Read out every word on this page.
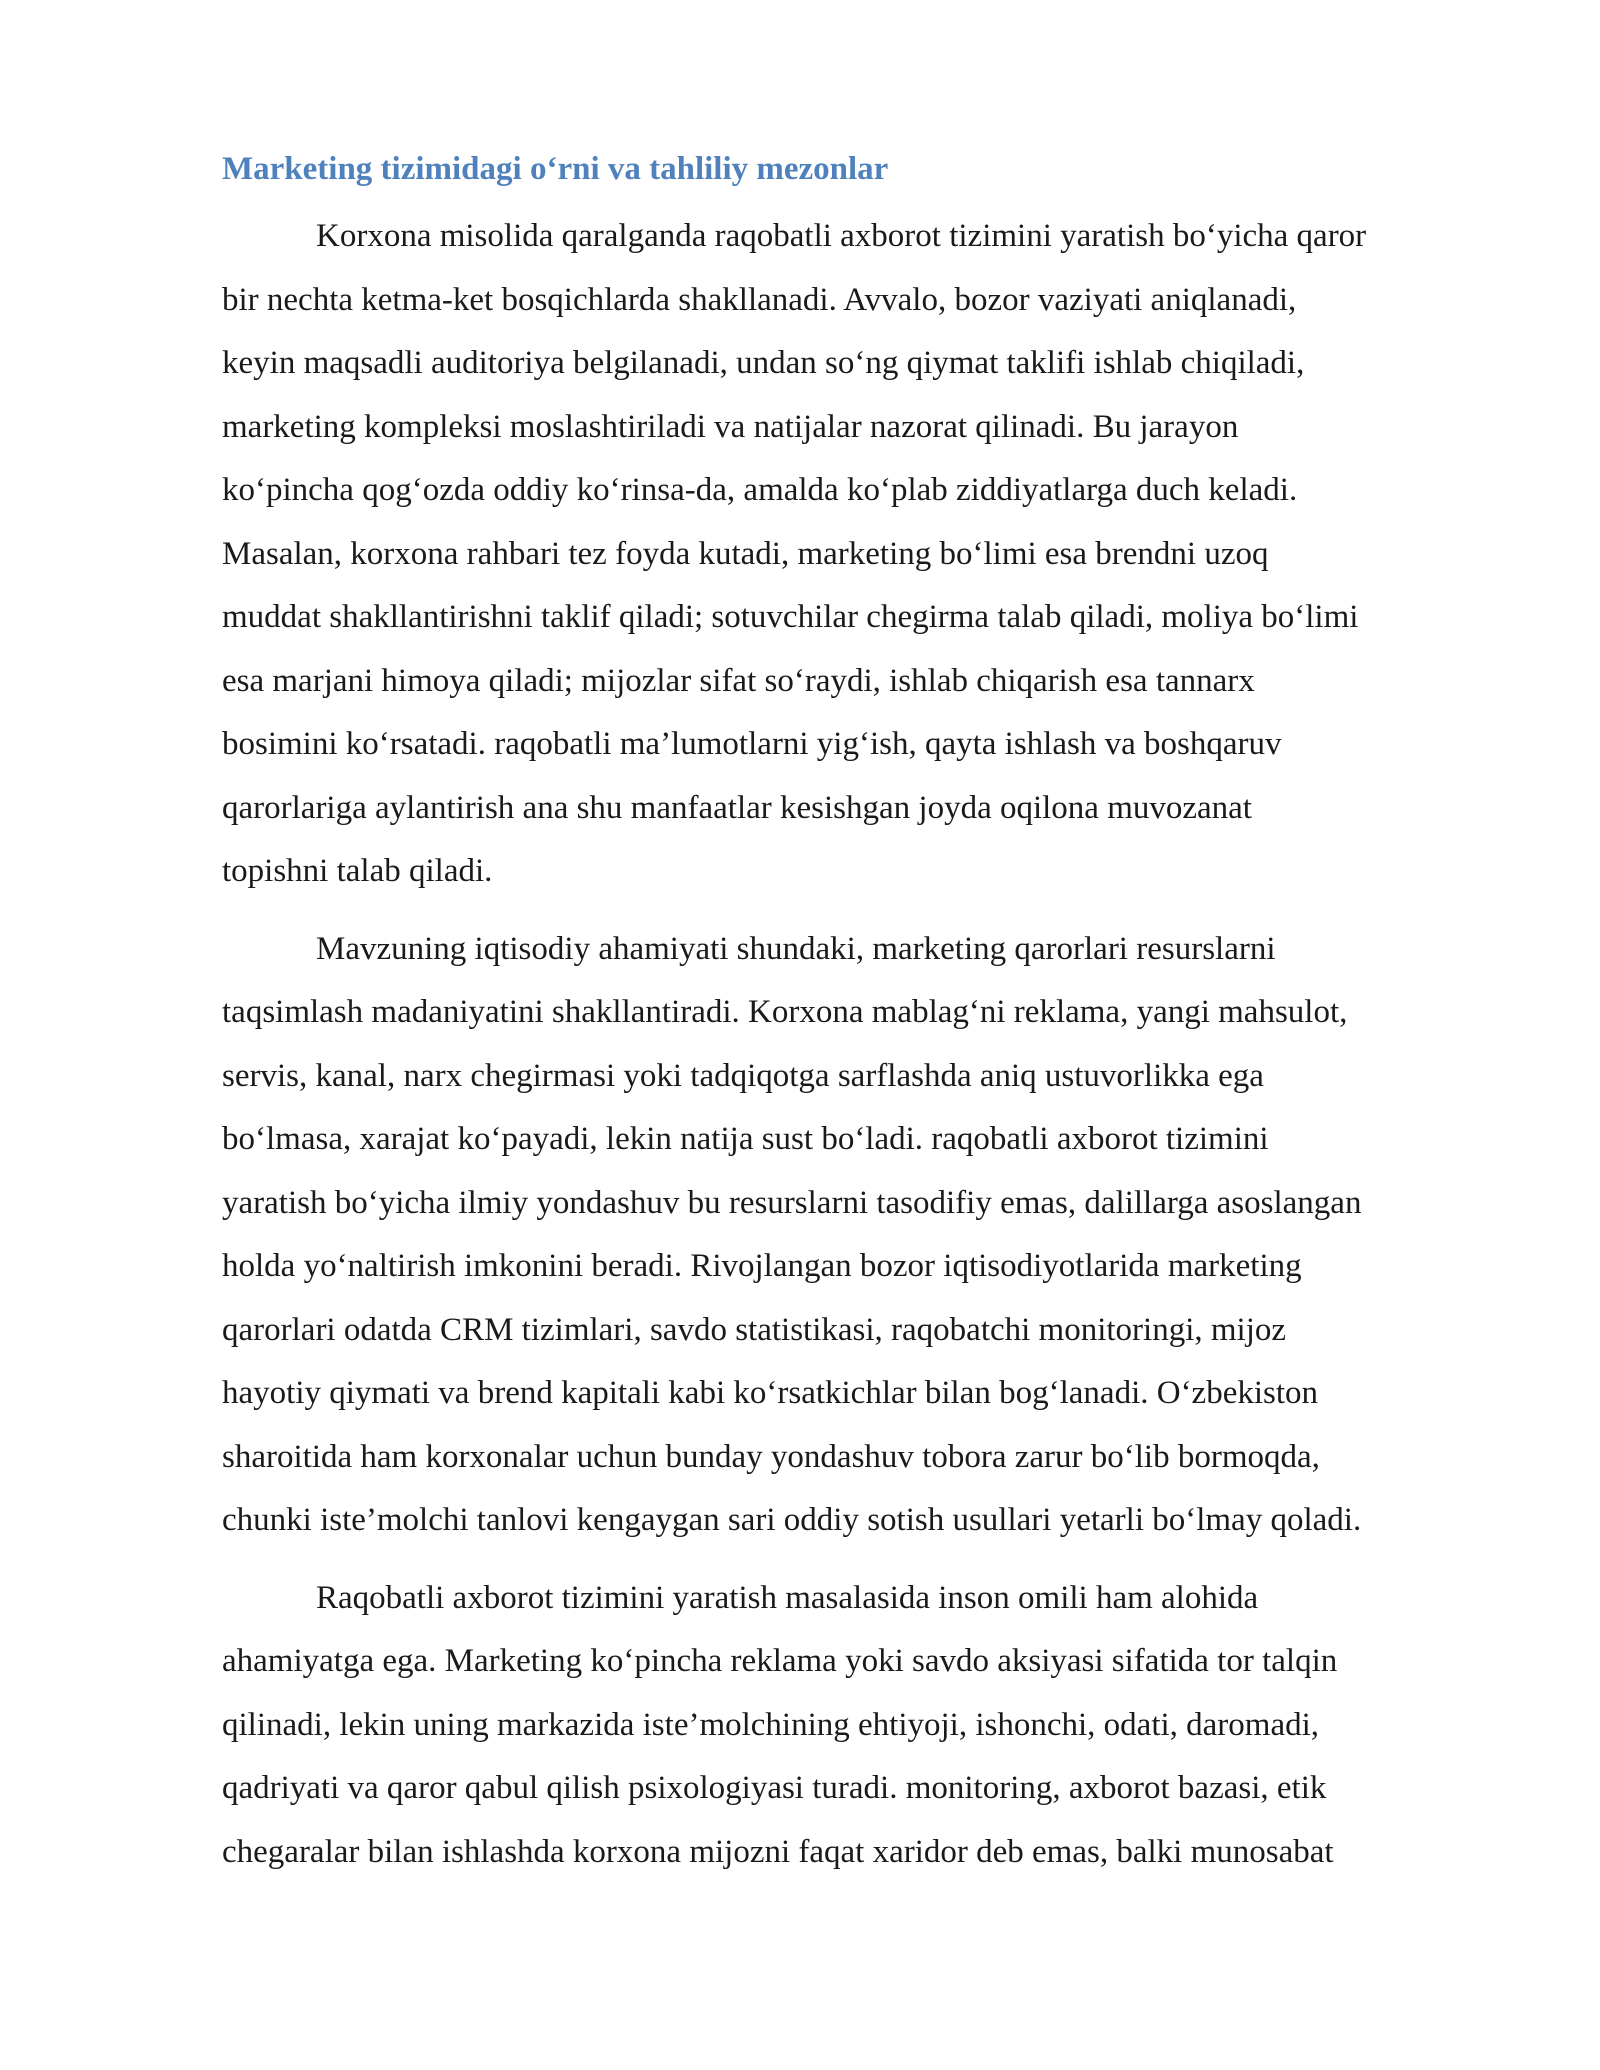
Marketing tizimidagi o‘rni va tahliliy mezonlar

Korxona misolida qaralganda raqobatli axborot tizimini yaratish bo‘yicha qaror
bir nechta ketma-ket bosqichlarda shakllanadi. Avvalo, bozor vaziyati aniqlanadi,
keyin maqsadli auditoriya belgilanadi, undan so‘ng qiymat taklifi ishlab chiqiladi,
marketing kompleksi moslashtiriladi va natijalar nazorat qilinadi. Bu jarayon
ko‘pincha qog‘ozda oddiy ko‘rinsa-da, amalda ko‘plab ziddiyatlarga duch keladi.
Masalan, korxona rahbari tez foyda kutadi, marketing bo‘limi esa brendni uzoq
muddat shakllantirishni taklif qiladi; sotuvchilar chegirma talab qiladi, moliya bo‘limi
esa marjani himoya qiladi; mijozlar sifat so‘raydi, ishlab chiqarish esa tannarx
bosimini ko‘rsatadi. raqobatli ma’lumotlarni yig‘ish, qayta ishlash va boshqaruv
qarorlariga aylantirish ana shu manfaatlar kesishgan joyda oqilona muvozanat
topishni talab qiladi.

Mavzuning iqtisodiy ahamiyati shundaki, marketing qarorlari resurslarni
taqsimlash madaniyatini shakllantiradi. Korxona mablag‘ni reklama, yangi mahsulot,
servis, kanal, narx chegirmasi yoki tadqiqotga sarflashda aniq ustuvorlikka ega
bo‘lmasa, xarajat ko‘payadi, lekin natija sust bo‘ladi. raqobatli axborot tizimini
yaratish bo‘yicha ilmiy yondashuv bu resurslarni tasodifiy emas, dalillarga asoslangan
holda yo‘naltirish imkonini beradi. Rivojlangan bozor iqtisodiyotlarida marketing
qarorlari odatda CRM tizimlari, savdo statistikasi, raqobatchi monitoringi, mijoz
hayotiy qiymati va brend kapitali kabi ko‘rsatkichlar bilan bog‘lanadi. O‘zbekiston
sharoitida ham korxonalar uchun bunday yondashuv tobora zarur bo‘lib bormoqda,
chunki iste’molchi tanlovi kengaygan sari oddiy sotish usullari yetarli bo‘lmay qoladi.

Raqobatli axborot tizimini yaratish masalasida inson omili ham alohida
ahamiyatga ega. Marketing ko‘pincha reklama yoki savdo aksiyasi sifatida tor talqin
qilinadi, lekin uning markazida iste’molchining ehtiyoji, ishonchi, odati, daromadi,
qadriyati va qaror qabul qilish psixologiyasi turadi. monitoring, axborot bazasi, etik
chegaralar bilan ishlashda korxona mijozni faqat xaridor deb emas, balki munosabat
